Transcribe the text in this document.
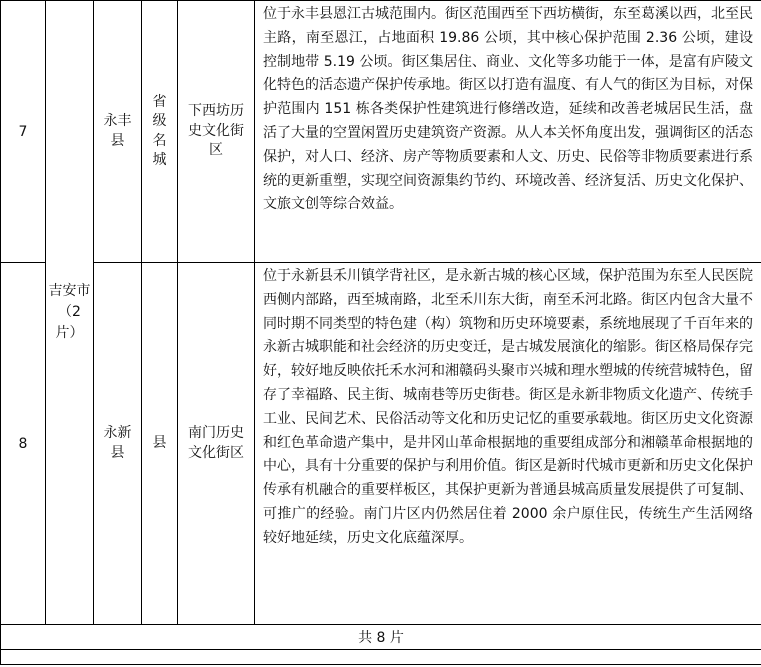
7	吉安市（2片）	永丰县	省级名城	下西坊历史文化街区	位于永丰县恩江古城范围内。街区范围西至下西坊横街，东至葛溪以西，北至民主路，南至恩江，占地面积 19.86 公顷，其中核心保护范围 2.36 公顷，建设控制地带 5.19 公顷。街区集居住、商业、文化等多功能于一体，是富有庐陵文化特色的活态遗产保护传承地。街区以打造有温度、有人气的街区为目标，对保护范围内 151 栋各类保护性建筑进行修缮改造，延续和改善老城居民生活，盘活了大量的空置闲置历史建筑资产资源。从人本关怀角度出发，强调街区的活态保护，对人口、经济、房产等物质要素和人文、历史、民俗等非物质要素进行系统的更新重塑，实现空间资源集约节约、环境改善、经济复活、历史文化保护、文旅文创等综合效益。
8		永新县	县	南门历史文化街区	位于永新县禾川镇学背社区，是永新古城的核心区域，保护范围为东至人民医院西侧内部路，西至城南路，北至禾川东大街，南至禾河北路。街区内包含大量不同时期不同类型的特色建（构）筑物和历史环境要素，系统地展现了千百年来的永新古城职能和社会经济的历史变迁，是古城发展演化的缩影。街区格局保存完好，较好地反映依托禾水河和湘赣码头聚市兴城和理水塑城的传统营城特色，留存了幸福路、民主街、城南巷等历史街巷。街区是永新非物质文化遗产、传统手工业、民间艺术、民俗活动等文化和历史记忆的重要承载地。街区历史文化资源和红色革命遗产集中，是井冈山革命根据地的重要组成部分和湘赣革命根据地的中心，具有十分重要的保护与利用价值。街区是新时代城市更新和历史文化保护传承有机融合的重要样板区，其保护更新为普通县城高质量发展提供了可复制、可推广的经验。南门片区内仍然居住着 2000 余户原住民，传统生产生活网络较好地延续，历史文化底蕴深厚。
共 8 片					
